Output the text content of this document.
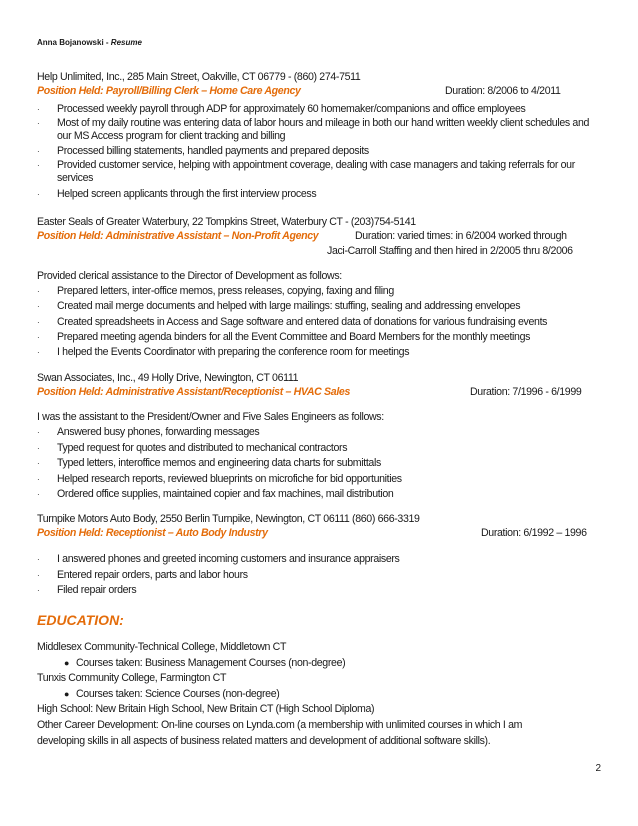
Anna Bojanowski - Resume
Help Unlimited, Inc., 285 Main Street, Oakville, CT 06779 - (860) 274-7511
Position Held: Payroll/Billing Clerk – Home Care Agency	Duration: 8/2006 to 4/2011
· Processed weekly payroll through ADP for approximately 60 homemaker/companions and office employees
· Most of my daily routine was entering data of labor hours and mileage in both our hand written weekly client schedules and our MS Access program for client tracking and billing
· Processed billing statements, handled payments and prepared deposits
· Provided customer service, helping with appointment coverage, dealing with case managers and taking referrals for our services
· Helped screen applicants through the first interview process
Easter Seals of Greater Waterbury, 22 Tompkins Street, Waterbury CT - (203)754-5141
Position Held: Administrative Assistant – Non-Profit Agency	Duration: varied times: in 6/2004 worked through
Jaci-Carroll Staffing and then hired in 2/2005 thru 8/2006
Provided clerical assistance to the Director of Development as follows:
· Prepared letters, inter-office memos, press releases, copying, faxing and filing
· Created mail merge documents and helped with large mailings: stuffing, sealing and addressing envelopes
· Created spreadsheets in Access and Sage software and entered data of donations for various fundraising events
· Prepared meeting agenda binders for all the Event Committee and Board Members for the monthly meetings
· I helped the Events Coordinator with preparing the conference room for meetings
Swan Associates, Inc., 49 Holly Drive, Newington, CT 06111
Position Held: Administrative Assistant/Receptionist – HVAC Sales	Duration: 7/1996 - 6/1999
I was the assistant to the President/Owner and Five Sales Engineers as follows:
· Answered busy phones, forwarding messages
· Typed request for quotes and distributed to mechanical contractors
· Typed letters, interoffice memos and engineering data charts for submittals
· Helped research reports, reviewed blueprints on microfiche for bid opportunities
· Ordered office supplies, maintained copier and fax machines, mail distribution
Turnpike Motors Auto Body, 2550 Berlin Turnpike, Newington, CT 06111 (860) 666-3319
Position Held: Receptionist – Auto Body Industry	Duration: 6/1992 – 1996
· I answered phones and greeted incoming customers and insurance appraisers
· Entered repair orders, parts and labor hours
· Filed repair orders
EDUCATION:
Middlesex Community-Technical College, Middletown CT
● Courses taken: Business Management Courses (non-degree)
Tunxis Community College, Farmington CT
● Courses taken: Science Courses (non-degree)
High School: New Britain High School, New Britain CT (High School Diploma)
Other Career Development: On-line courses on Lynda.com (a membership with unlimited courses in which I am
developing skills in all aspects of business related matters and development of additional software skills).
2
